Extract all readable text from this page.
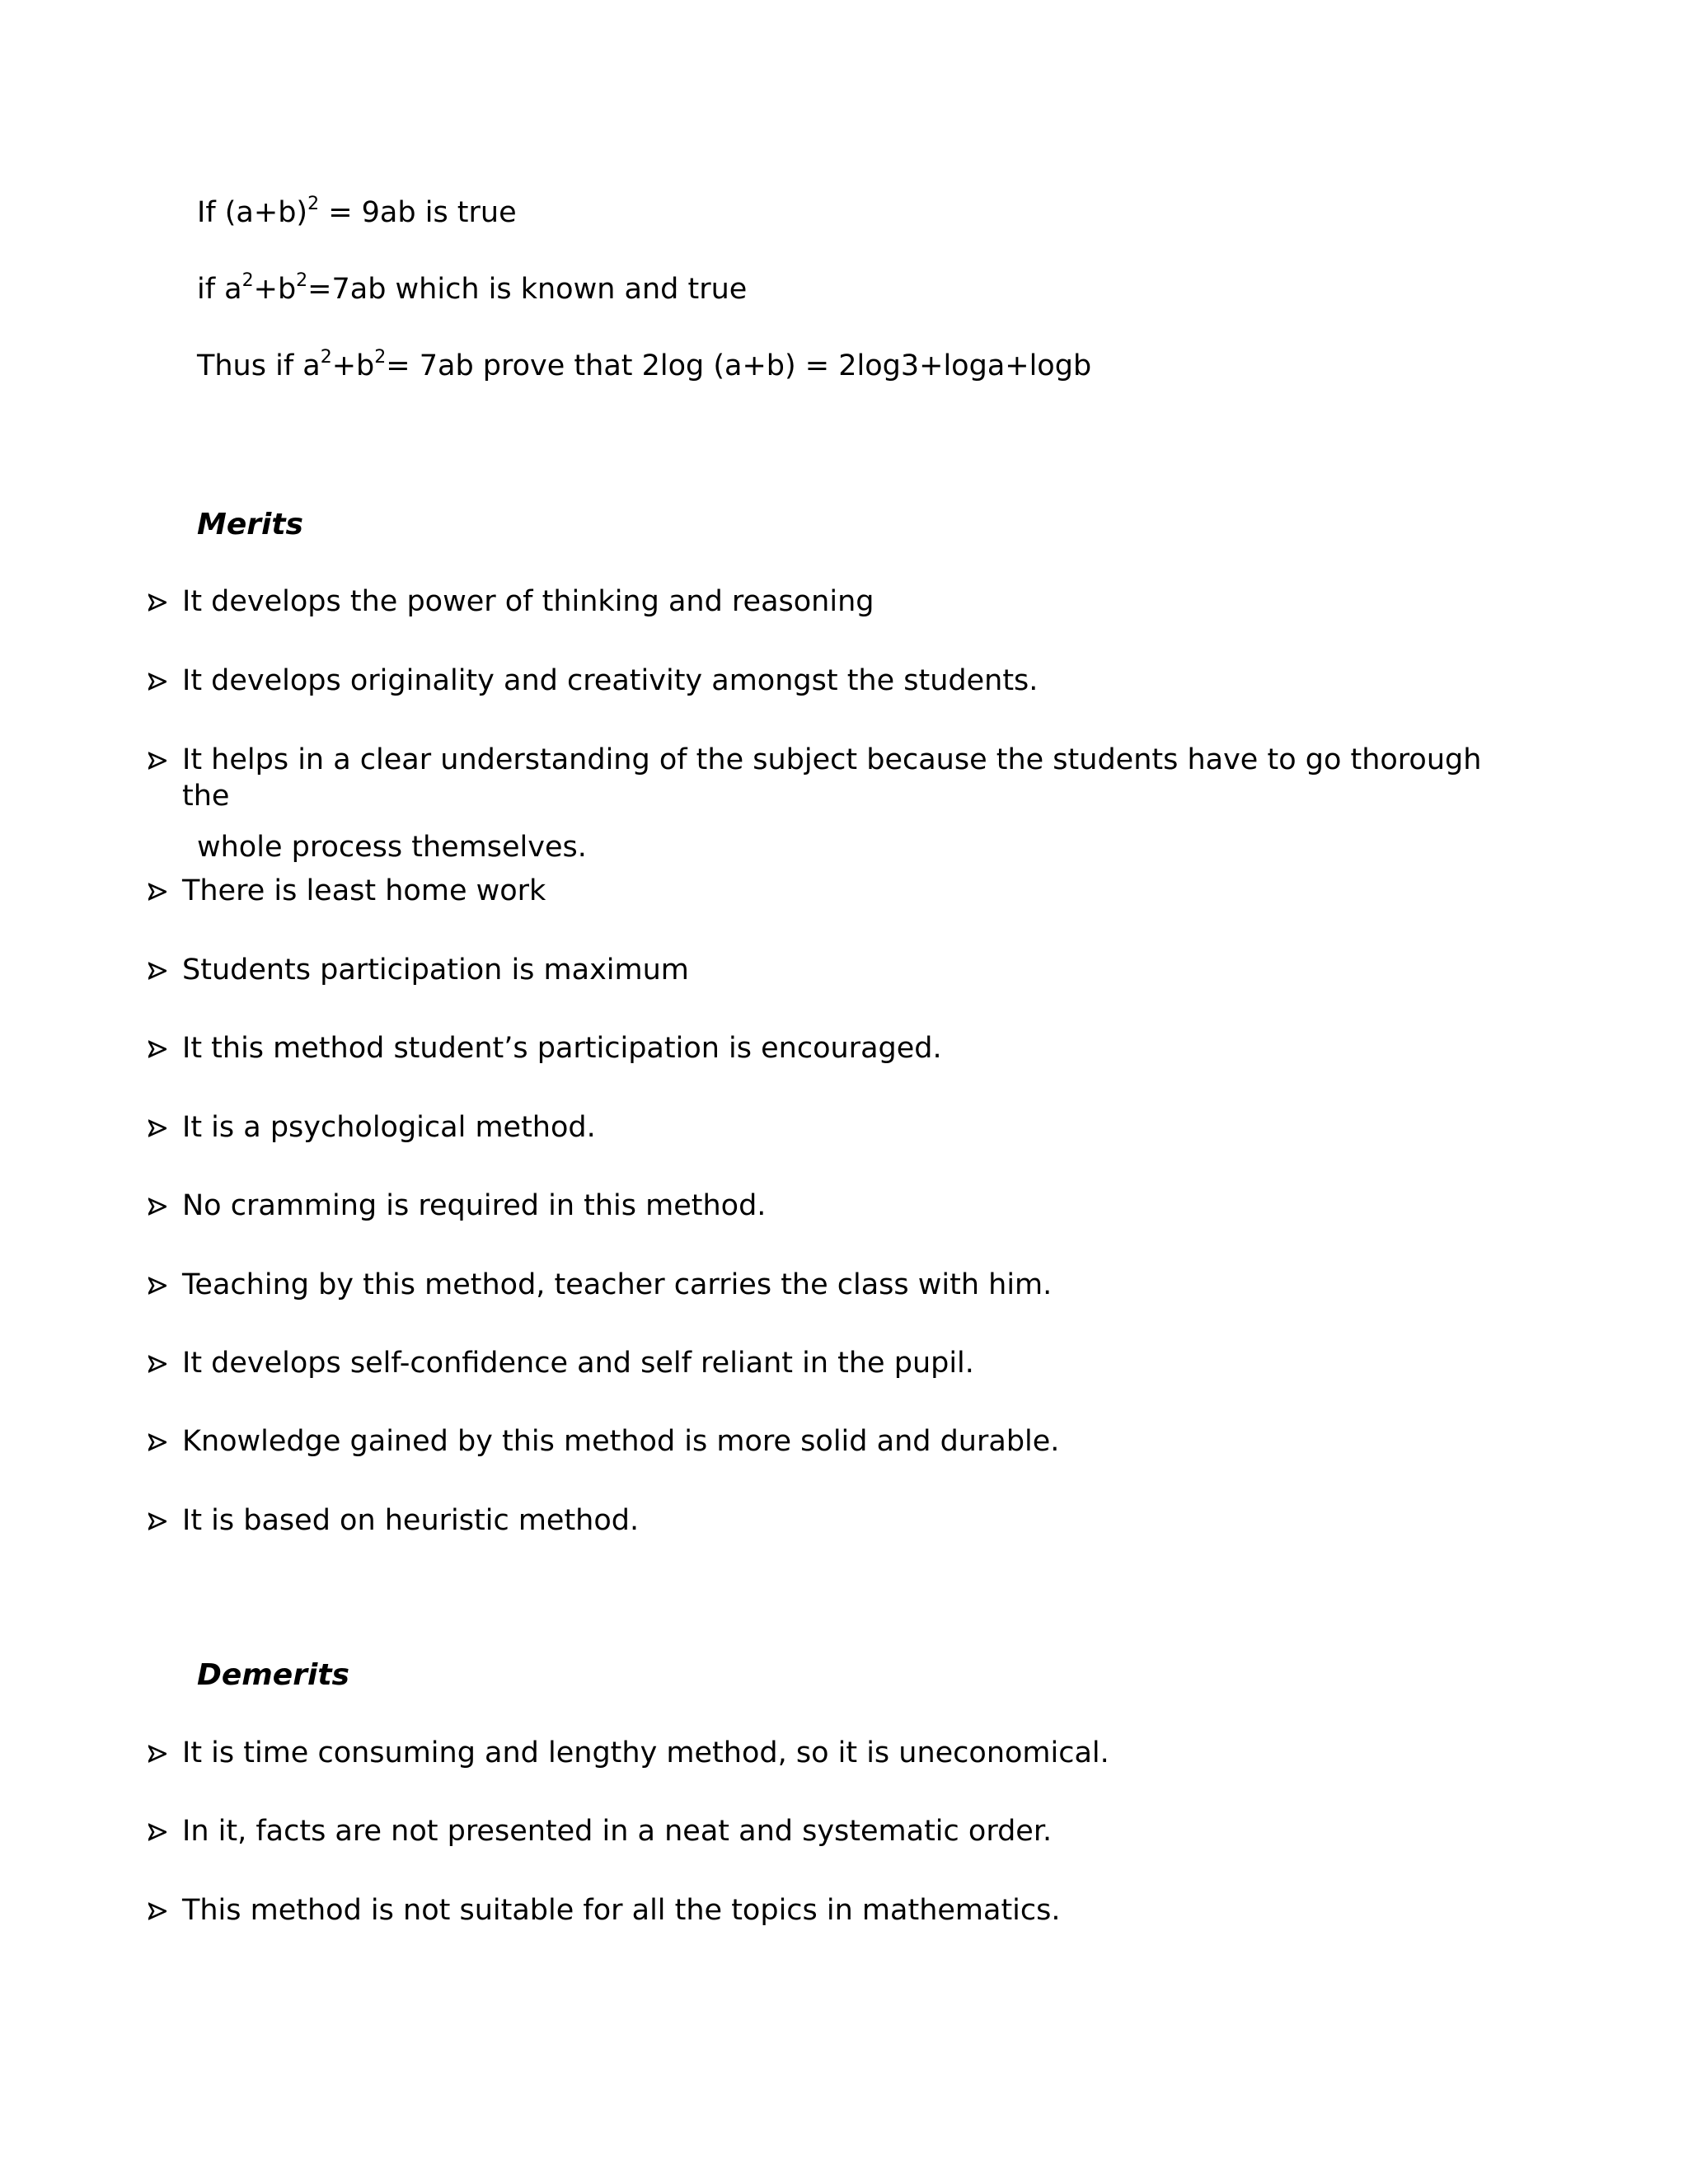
If $(a+b)^2 = 9ab$ is true
if $a^2+b^2=7ab$ which is known and true
Thus if $a^2+b^2= 7ab$ prove that 2log (a+b) = 2log3+loga+logb
Merits
It develops the power of thinking and reasoning
It develops originality and creativity amongst the students.
It helps in a clear understanding of the subject because the students have to go thorough the
whole process themselves.
There is least home work
Students participation is maximum
It this method student’s participation is encouraged.
It is a psychological method.
No cramming is required in this method.
Teaching by this method, teacher carries the class with him.
It develops self-confidence and self reliant in the pupil.
Knowledge gained by this method is more solid and durable.
It is based on heuristic method.
Demerits
It is time consuming and lengthy method, so it is uneconomical.
In it, facts are not presented in a neat and systematic order.
This method is not suitable for all the topics in mathematics.
